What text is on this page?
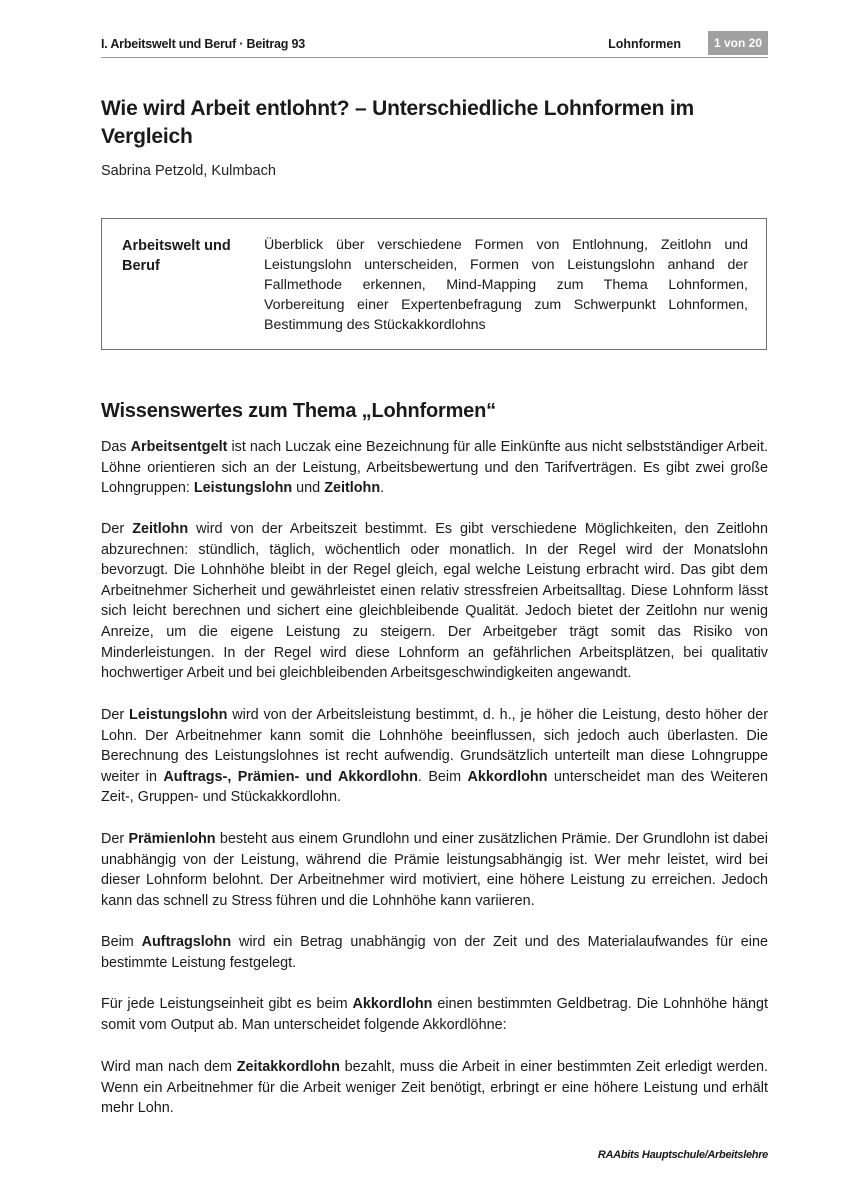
I. Arbeitswelt und Beruf · Beitrag 93	Lohnformen	1 von 20
Wie wird Arbeit entlohnt? – Unterschiedliche Lohnformen im Vergleich
Sabrina Petzold, Kulmbach
Arbeitswelt und Beruf
Überblick über verschiedene Formen von Entlohnung, Zeitlohn und Leistungslohn unterscheiden, Formen von Leistungslohn anhand der Fallmethode erkennen, Mind-Mapping zum Thema Lohnformen, Vorbereitung einer Expertenbefragung zum Schwerpunkt Lohnformen, Bestimmung des Stückakkordlohns
Wissenswertes zum Thema „Lohnformen“

Das Arbeitsentgelt ist nach Luczak eine Bezeichnung für alle Einkünfte aus nicht selbstständiger Arbeit. Löhne orientieren sich an der Leistung, Arbeitsbewertung und den Tarifverträgen. Es gibt zwei große Lohngruppen: Leistungslohn und Zeitlohn.

Der Zeitlohn wird von der Arbeitszeit bestimmt. Es gibt verschiedene Möglichkeiten, den Zeitlohn abzurechnen: stündlich, täglich, wöchentlich oder monatlich. In der Regel wird der Monatslohn bevorzugt. Die Lohnhöhe bleibt in der Regel gleich, egal welche Leistung erbracht wird. Das gibt dem Arbeitnehmer Sicherheit und gewährleistet einen relativ stressfreien Arbeitsalltag. Diese Lohnform lässt sich leicht berechnen und sichert eine gleichbleibende Qualität. Jedoch bietet der Zeitlohn nur wenig Anreize, um die eigene Leistung zu steigern. Der Arbeitgeber trägt somit das Risiko von Minderleistungen. In der Regel wird diese Lohnform an gefährlichen Arbeitsplätzen, bei qualitativ hochwertiger Arbeit und bei gleichbleibenden Arbeitsgeschwindigkeiten angewandt.

Der Leistungslohn wird von der Arbeitsleistung bestimmt, d. h., je höher die Leistung, desto höher der Lohn. Der Arbeitnehmer kann somit die Lohnhöhe beeinflussen, sich jedoch auch überlasten. Die Berechnung des Leistungslohnes ist recht aufwendig. Grundsätzlich unterteilt man diese Lohngruppe weiter in Auftrags-, Prämien- und Akkordlohn. Beim Akkordlohn unterscheidet man des Weiteren Zeit-, Gruppen- und Stückakkordlohn.

Der Prämienlohn besteht aus einem Grundlohn und einer zusätzlichen Prämie. Der Grundlohn ist dabei unabhängig von der Leistung, während die Prämie leistungsabhängig ist. Wer mehr leistet, wird bei dieser Lohnform belohnt. Der Arbeitnehmer wird motiviert, eine höhere Leistung zu erreichen. Jedoch kann das schnell zu Stress führen und die Lohnhöhe kann variieren.

Beim Auftragslohn wird ein Betrag unabhängig von der Zeit und des Materialaufwandes für eine bestimmte Leistung festgelegt.

Für jede Leistungseinheit gibt es beim Akkordlohn einen bestimmten Geldbetrag. Die Lohnhöhe hängt somit vom Output ab. Man unterscheidet folgende Akkordlöhne:

Wird man nach dem Zeitakkordlohn bezahlt, muss die Arbeit in einer bestimmten Zeit erledigt werden. Wenn ein Arbeitnehmer für die Arbeit weniger Zeit benötigt, erbringt er eine höhere Leistung und erhält mehr Lohn.

RAAbits Hauptschule/Arbeitslehre
